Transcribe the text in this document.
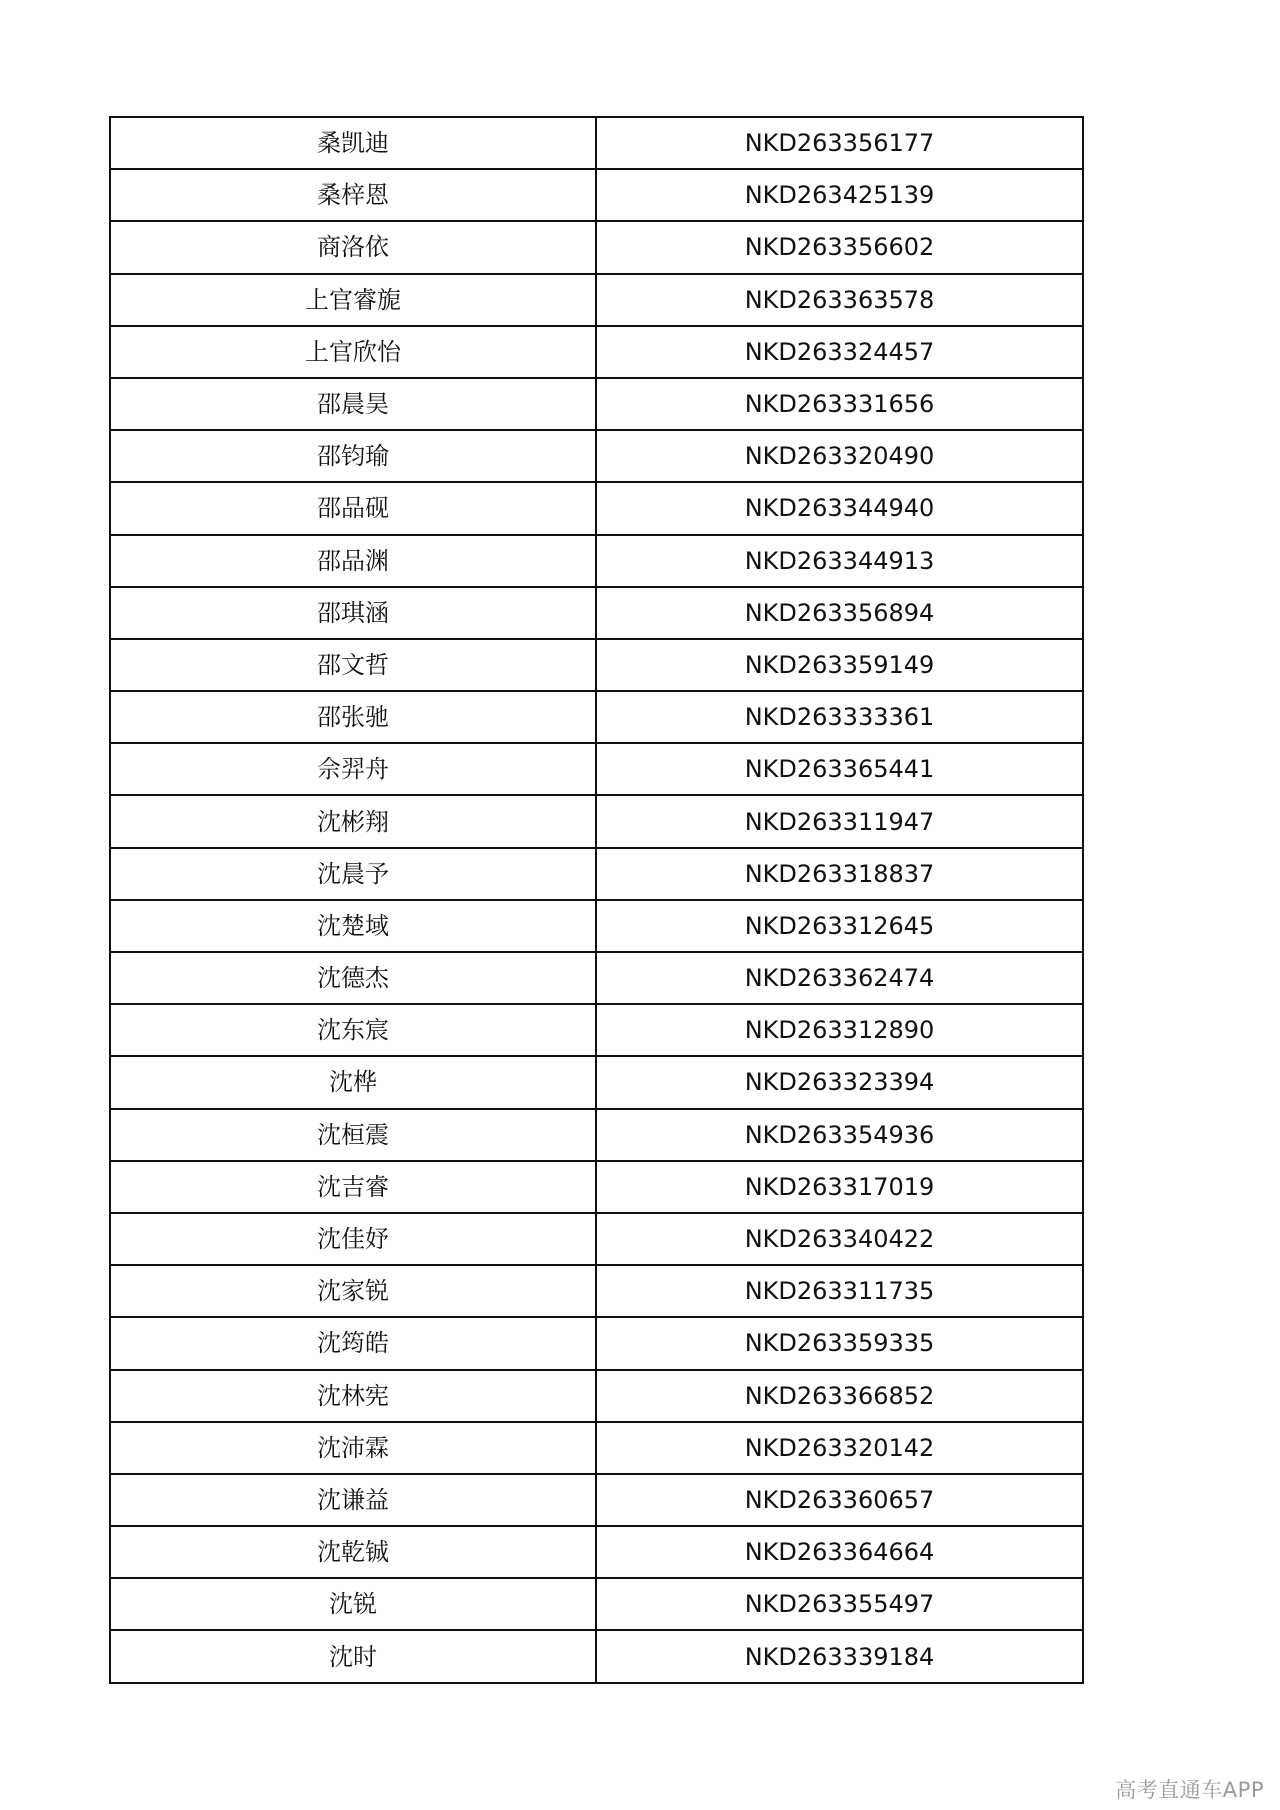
桑凯迪	NKD263356177
桑梓恩	NKD263425139
商洛依	NKD263356602
上官睿旎	NKD263363578
上官欣怡	NKD263324457
邵晨昊	NKD263331656
邵钧瑜	NKD263320490
邵品砚	NKD263344940
邵品渊	NKD263344913
邵琪涵	NKD263356894
邵文哲	NKD263359149
邵张驰	NKD263333361
佘羿舟	NKD263365441
沈彬翔	NKD263311947
沈晨予	NKD263318837
沈楚域	NKD263312645
沈德杰	NKD263362474
沈东宸	NKD263312890
沈桦	NKD263323394
沈桓震	NKD263354936
沈吉睿	NKD263317019
沈佳妤	NKD263340422
沈家锐	NKD263311735
沈筠皓	NKD263359335
沈林宪	NKD263366852
沈沛霖	NKD263320142
沈谦益	NKD263360657
沈乾铖	NKD263364664
沈锐	NKD263355497
沈时	NKD263339184
高考直通车APP
